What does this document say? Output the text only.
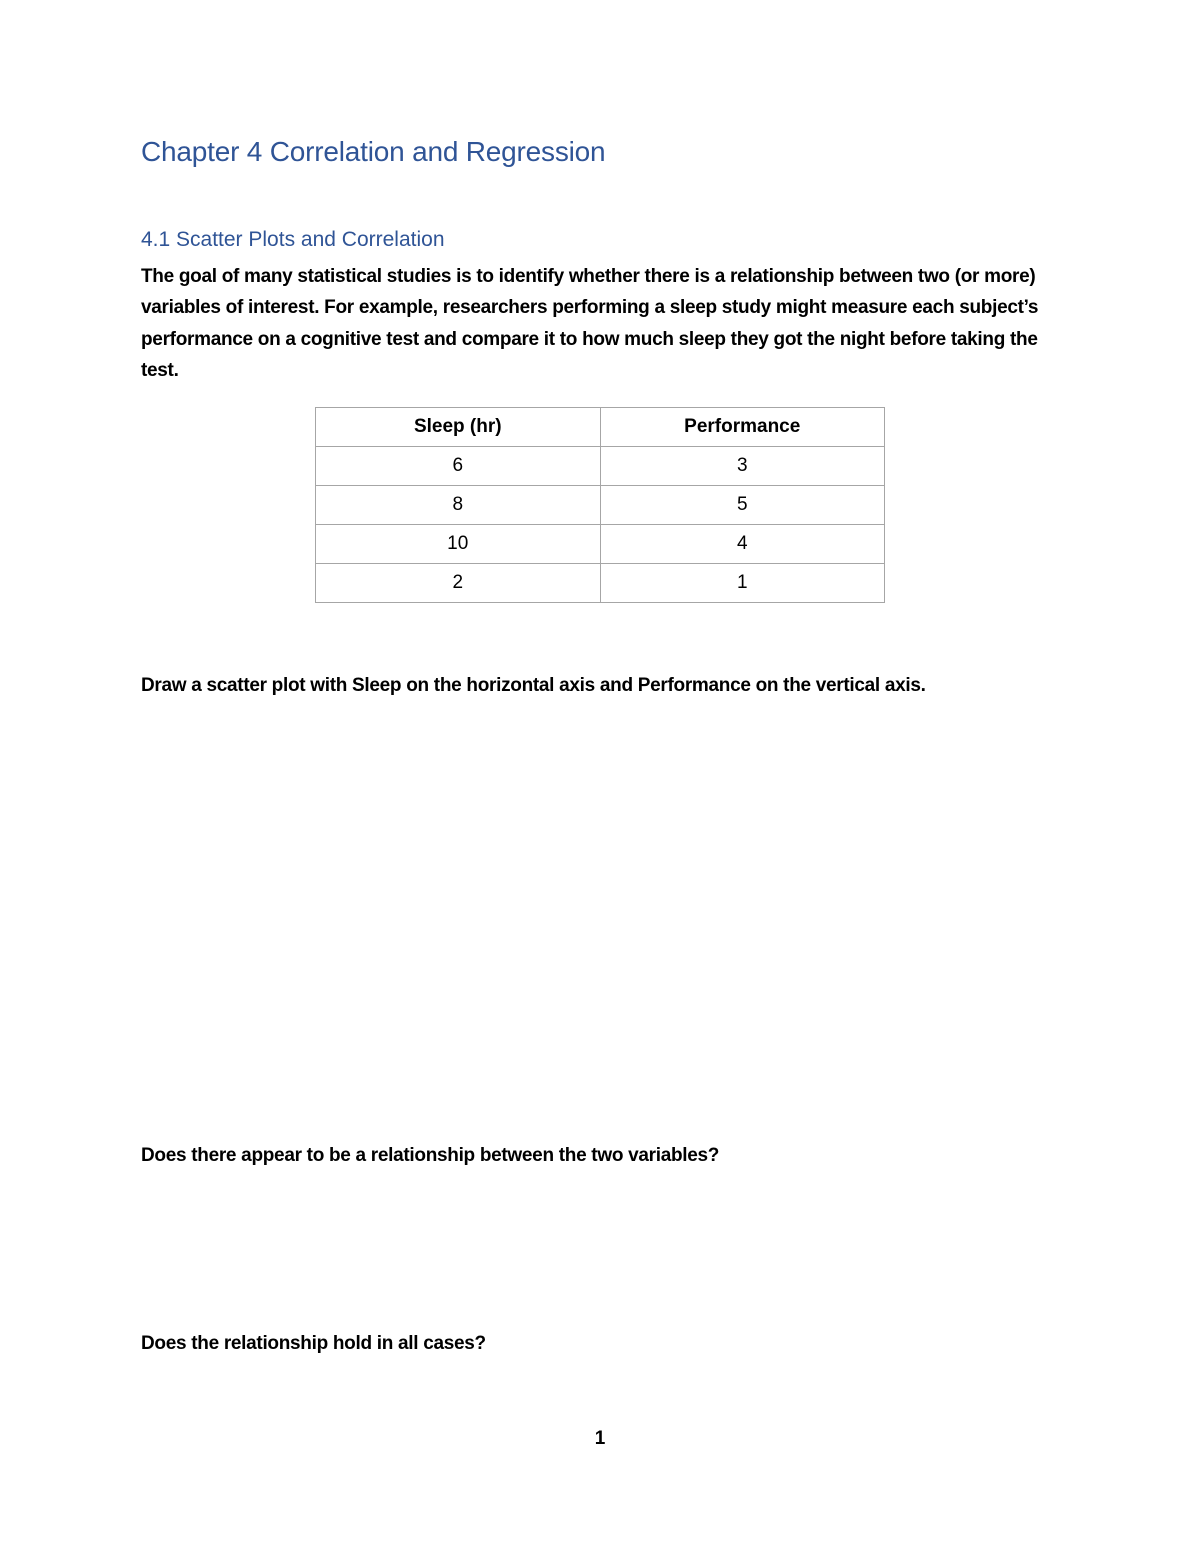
Chapter 4 Correlation and Regression
4.1 Scatter Plots and Correlation

The goal of many statistical studies is to identify whether there is a relationship between two (or more) variables of interest. For example, researchers performing a sleep study might measure each subject’s performance on a cognitive test and compare it to how much sleep they got the night before taking the test.

Sleep (hr)	Performance
6	3
8	5
10	4
2	1

Draw a scatter plot with Sleep on the horizontal axis and Performance on the vertical axis.

Does there appear to be a relationship between the two variables?

Does the relationship hold in all cases?

1
